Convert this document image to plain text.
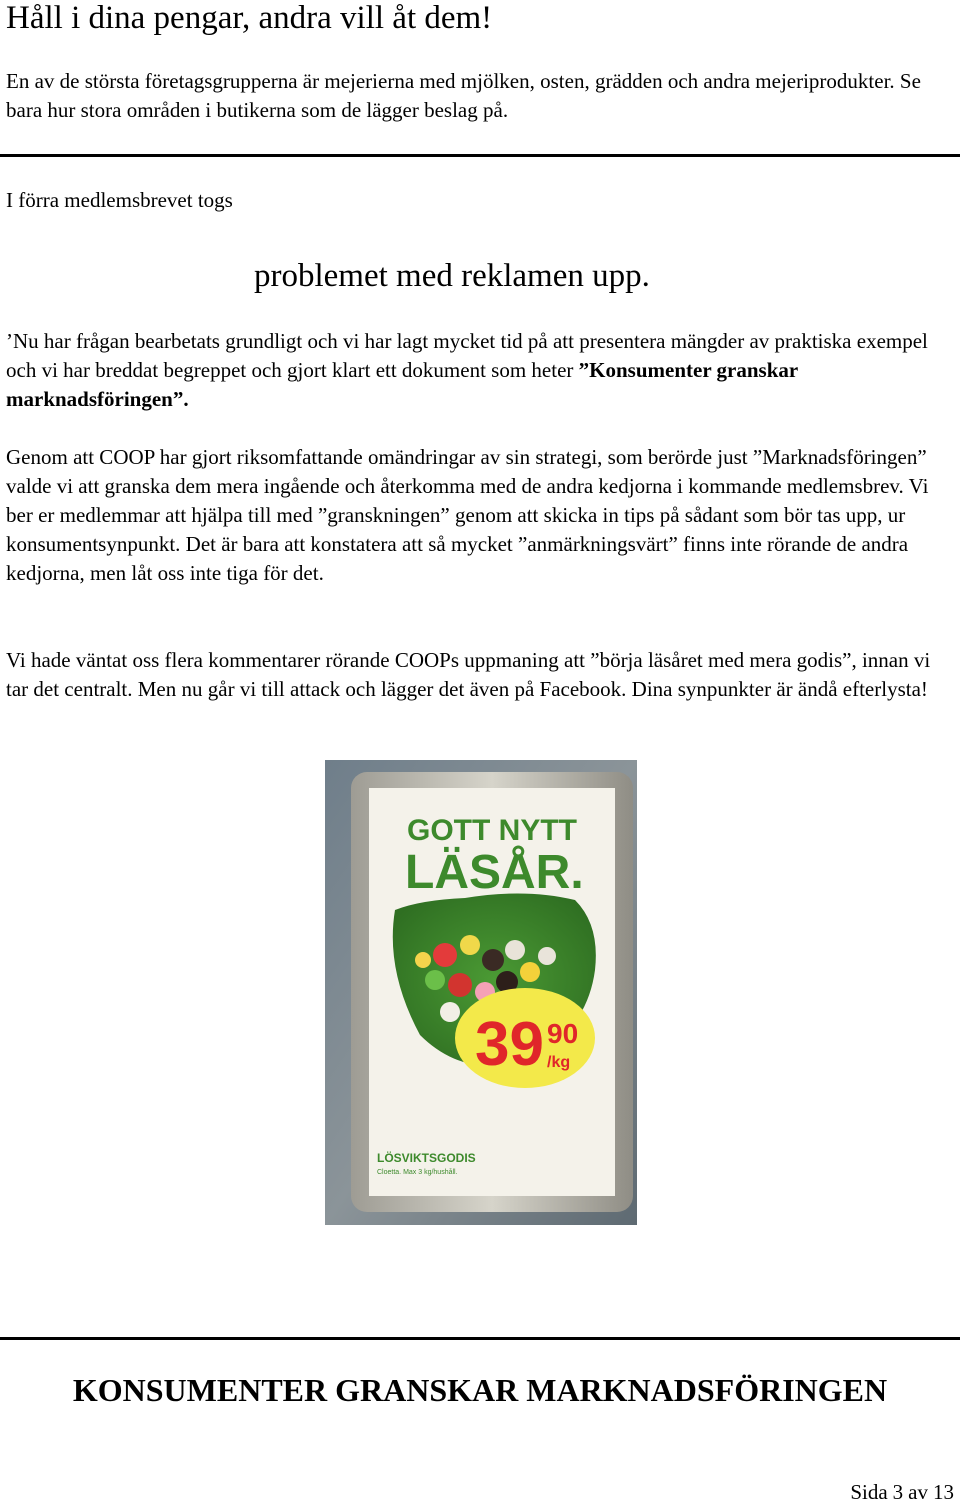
Håll i dina pengar, andra vill åt dem!
En av de största företagsgrupperna är mejerierna med mjölken, osten, grädden och andra mejeriprodukter. Se bara hur stora områden i butikerna som de lägger beslag på.
I förra medlemsbrevet togs
problemet med reklamen upp.
’Nu har frågan bearbetats grundligt och vi har lagt mycket tid på att presentera mängder av praktiska exempel och vi har breddat begreppet och gjort klart ett dokument som heter ”Konsumenter granskar marknadsföringen”.
Genom att COOP har gjort riksomfattande omändringar av sin strategi, som berörde just ”Marknadsföringen” valde vi att granska dem mera ingående och återkomma med de andra kedjorna i kommande medlemsbrev. Vi ber er medlemmar att hjälpa till med ”granskningen” genom att skicka in tips på sådant som bör tas upp, ur konsumentsynpunkt. Det är bara att konstatera att så mycket ”anmärkningsvärt” finns inte rörande de andra kedjorna, men låt oss inte tiga för det.
Vi hade väntat oss flera kommentarer rörande COOPs uppmaning att ”börja läsåret med mera godis”, innan vi tar det centralt. Men nu går vi till attack och lägger det även på Facebook. Dina synpunkter är ändå efterlysta!
39 90
/kg
GOTT NYTT
LÄSÅR.
LÖSVIKTSGODIS
Cloetta. Max 3 kg/hushåll.
KONSUMENTER GRANSKAR MARKNADSFÖRINGEN
Sida 3 av 13
